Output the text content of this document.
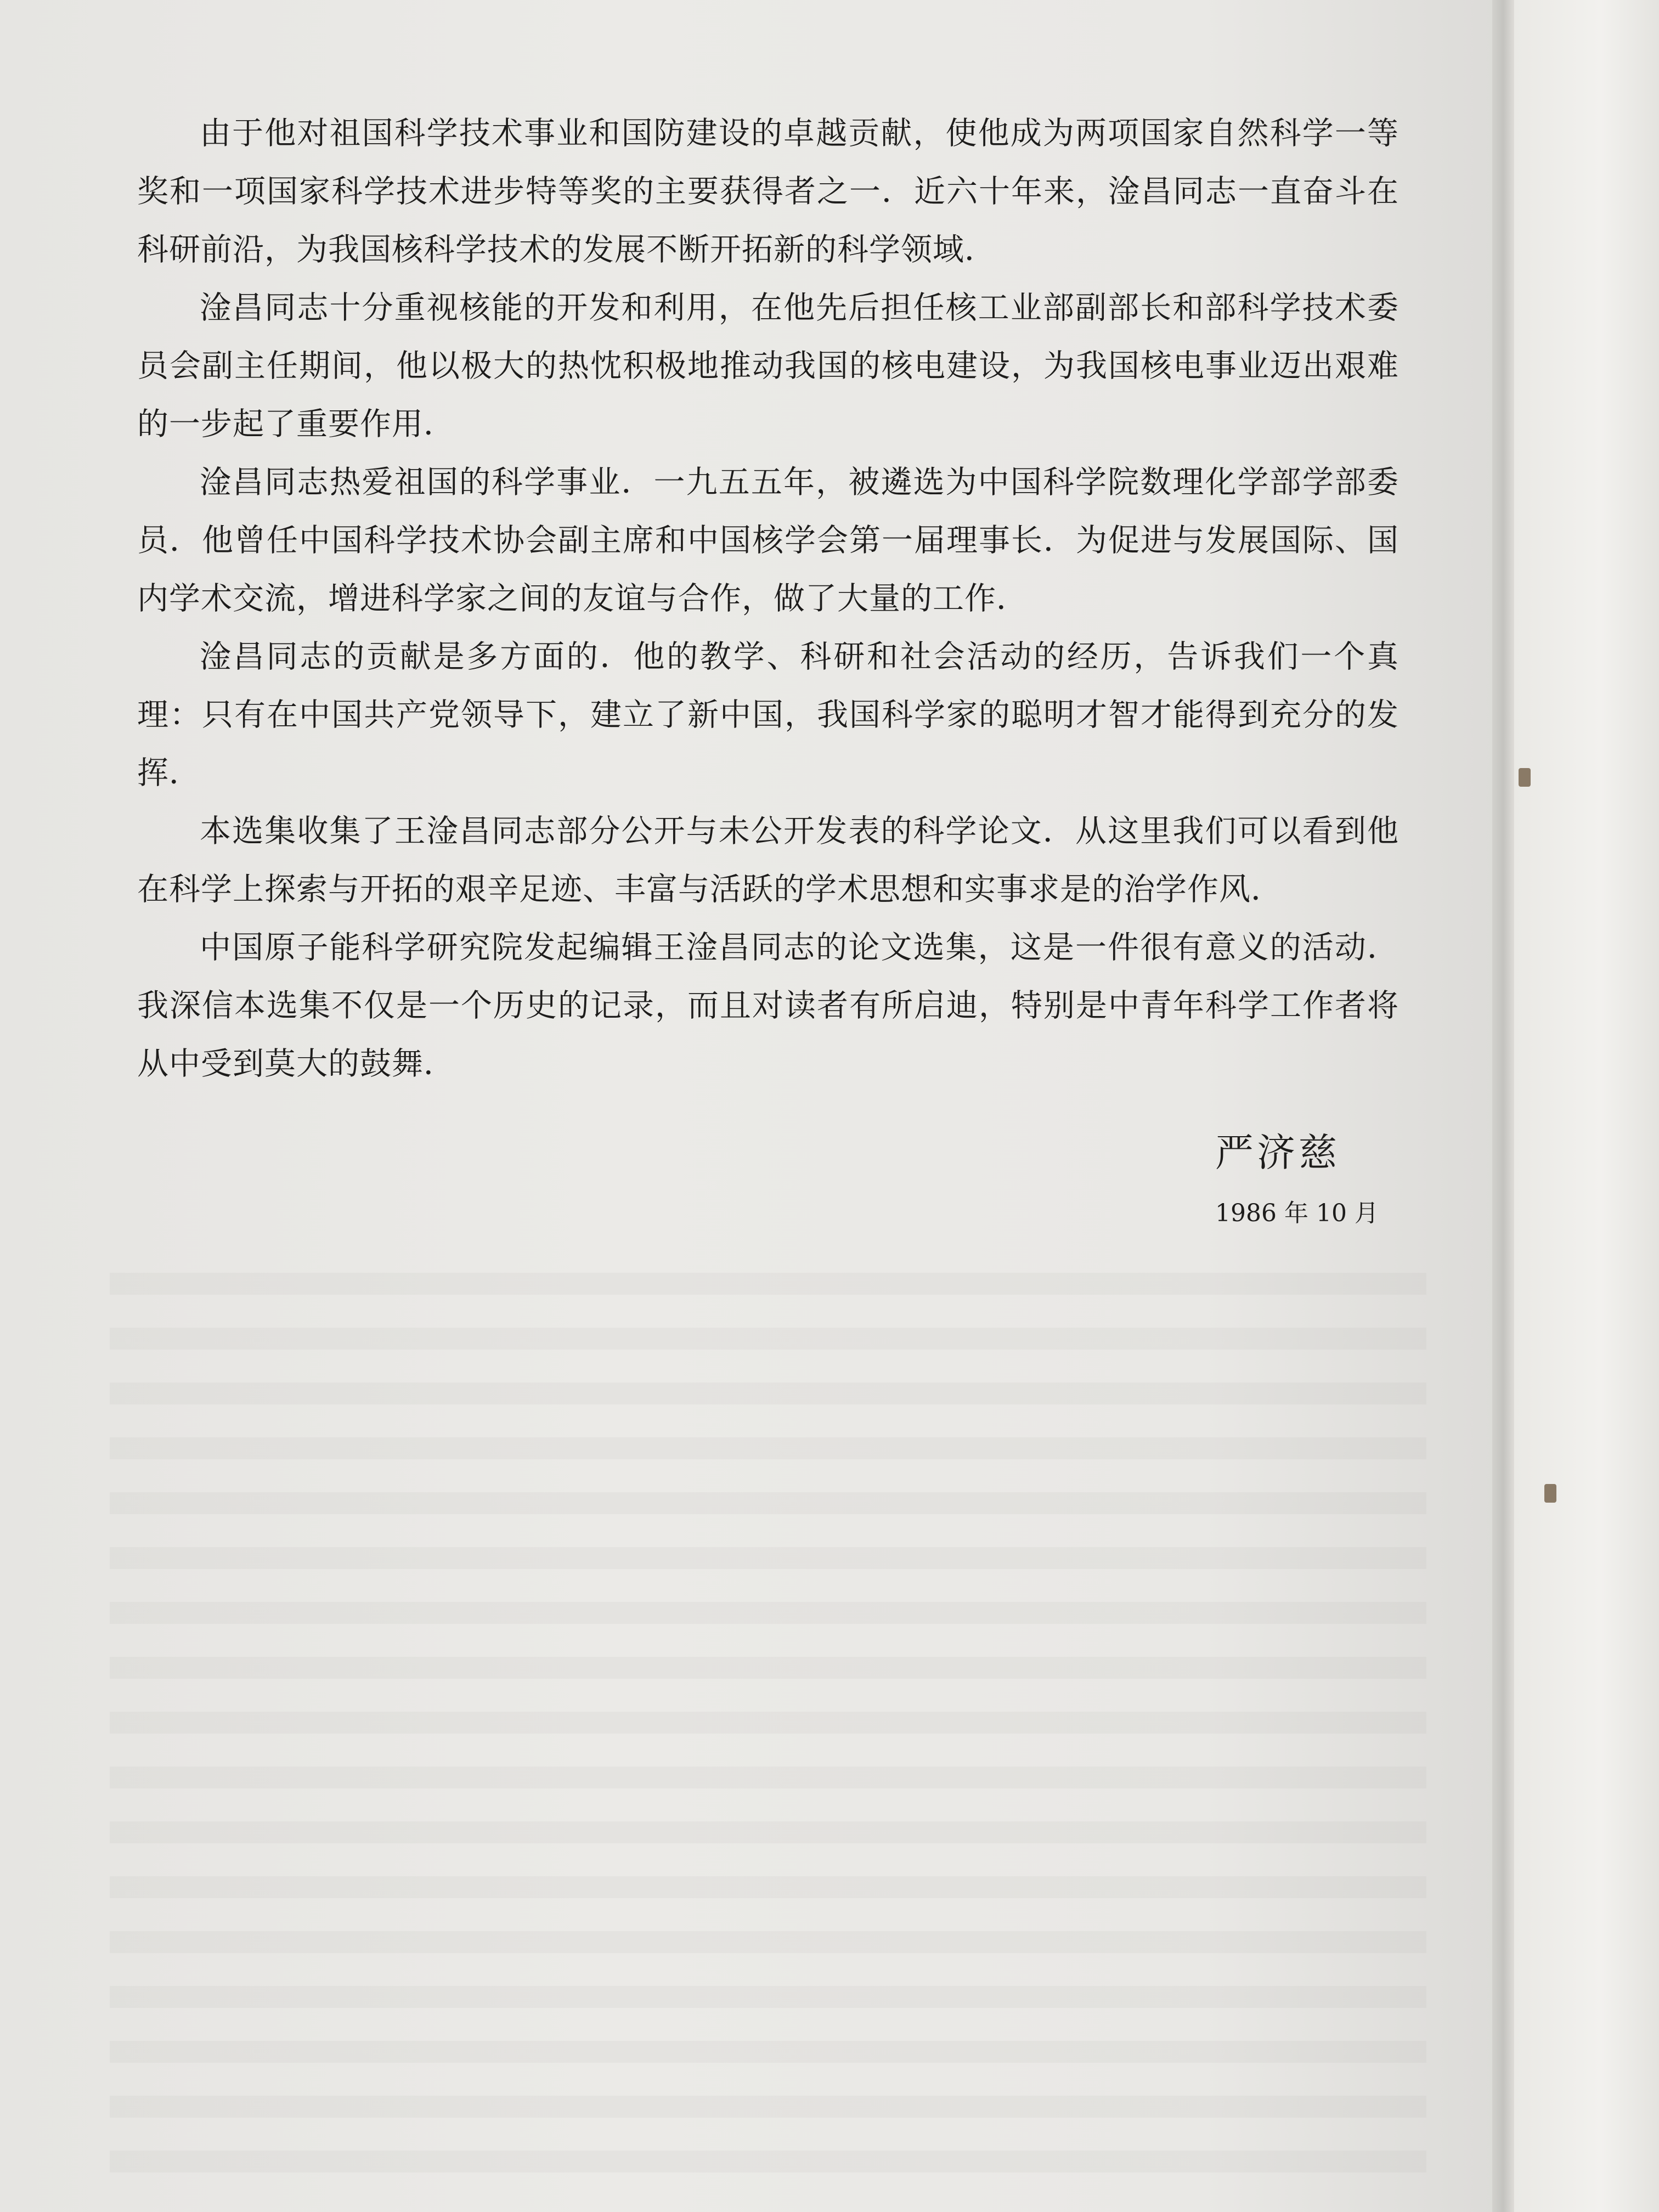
由于他对祖国科学技术事业和国防建设的卓越贡献，使他成为两项国家自然科学一等奖和一项国家科学技术进步特等奖的主要获得者之一．近六十年来，淦昌同志一直奋斗在科研前沿，为我国核科学技术的发展不断开拓新的科学领域．

淦昌同志十分重视核能的开发和利用，在他先后担任核工业部副部长和部科学技术委员会副主任期间，他以极大的热忱积极地推动我国的核电建设，为我国核电事业迈出艰难的一步起了重要作用．

淦昌同志热爱祖国的科学事业．一九五五年，被遴选为中国科学院数理化学部学部委员．他曾任中国科学技术协会副主席和中国核学会第一届理事长．为促进与发展国际、国内学术交流，增进科学家之间的友谊与合作，做了大量的工作．

淦昌同志的贡献是多方面的．他的教学、科研和社会活动的经历，告诉我们一个真理：只有在中国共产党领导下，建立了新中国，我国科学家的聪明才智才能得到充分的发挥．

本选集收集了王淦昌同志部分公开与未公开发表的科学论文．从这里我们可以看到他在科学上探索与开拓的艰辛足迹、丰富与活跃的学术思想和实事求是的治学作风．

中国原子能科学研究院发起编辑王淦昌同志的论文选集，这是一件很有意义的活动．我深信本选集不仅是一个历史的记录，而且对读者有所启迪，特别是中青年科学工作者将从中受到莫大的鼓舞．

严济慈
1986 年 10 月
